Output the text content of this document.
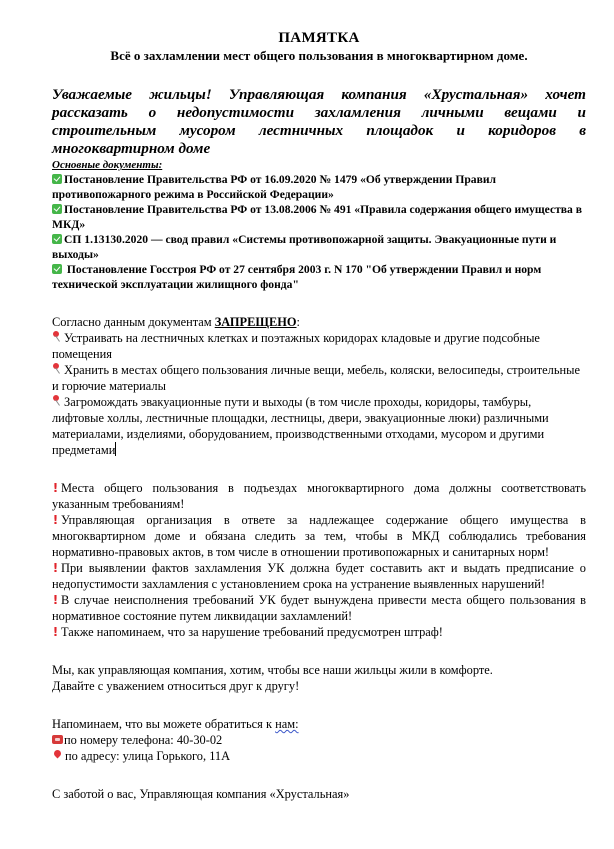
ПАМЯТКА

Всё о захламлении мест общего пользования в многоквартирном доме.

Уважаемые жильцы! Управляющая компания «Хрустальная» хочет рассказать о недопустимости захламления личными вещами и строительным мусором лестничных площадок и коридоров в многоквартирном доме

Основные документы:

Постановление Правительства РФ от 16.09.2020 № 1479 «Об утверждении Правил противопожарного режима в Российской Федерации»

Постановление Правительства РФ от 13.08.2006 № 491 «Правила содержания общего имущества в МКД»

СП 1.13130.2020 — свод правил «Системы противопожарной защиты. Эвакуационные пути и выходы»

Постановление Госстроя РФ от 27 сентября 2003 г. N 170 "Об утверждении Правил и норм технической эксплуатации жилищного фонда"

Согласно данным документам ЗАПРЕЩЕНО:

Устраивать на лестничных клетках и поэтажных коридорах кладовые и другие подсобные помещения

Хранить в местах общего пользования личные вещи, мебель, коляски, велосипеды, строительные и горючие материалы

Загромождать эвакуационные пути и выходы (в том числе проходы, коридоры, тамбуры, лифтовые холлы, лестничные площадки, лестницы, двери, эвакуационные люки) различными материалами, изделиями, оборудованием, производственными отходами, мусором и другими предметами

! Места общего пользования в подъездах многоквартирного дома должны соответствовать указанным требованиям!

! Управляющая организация в ответе за надлежащее содержание общего имущества в многоквартирном доме и обязана следить за тем, чтобы в МКД соблюдались требования нормативно-правовых актов, в том числе в отношении противопожарных и санитарных норм!

! При выявлении фактов захламления УК должна будет составить акт и выдать предписание о недопустимости захламления с установлением срока на устранение выявленных нарушений!

! В случае неисполнения требований УК будет вынуждена привести места общего пользования в нормативное состояние путем ликвидации захламлений!

! Также напоминаем, что за нарушение требований предусмотрен штраф!

Мы, как управляющая компания, хотим, чтобы все наши жильцы жили в комфорте.

Давайте с уважением относиться друг к другу!

Напоминаем, что вы можете обратиться к нам:

по номеру телефона: 40-30-02

по адресу: улица Горького, 11А

С заботой о вас, Управляющая компания «Хрустальная»
